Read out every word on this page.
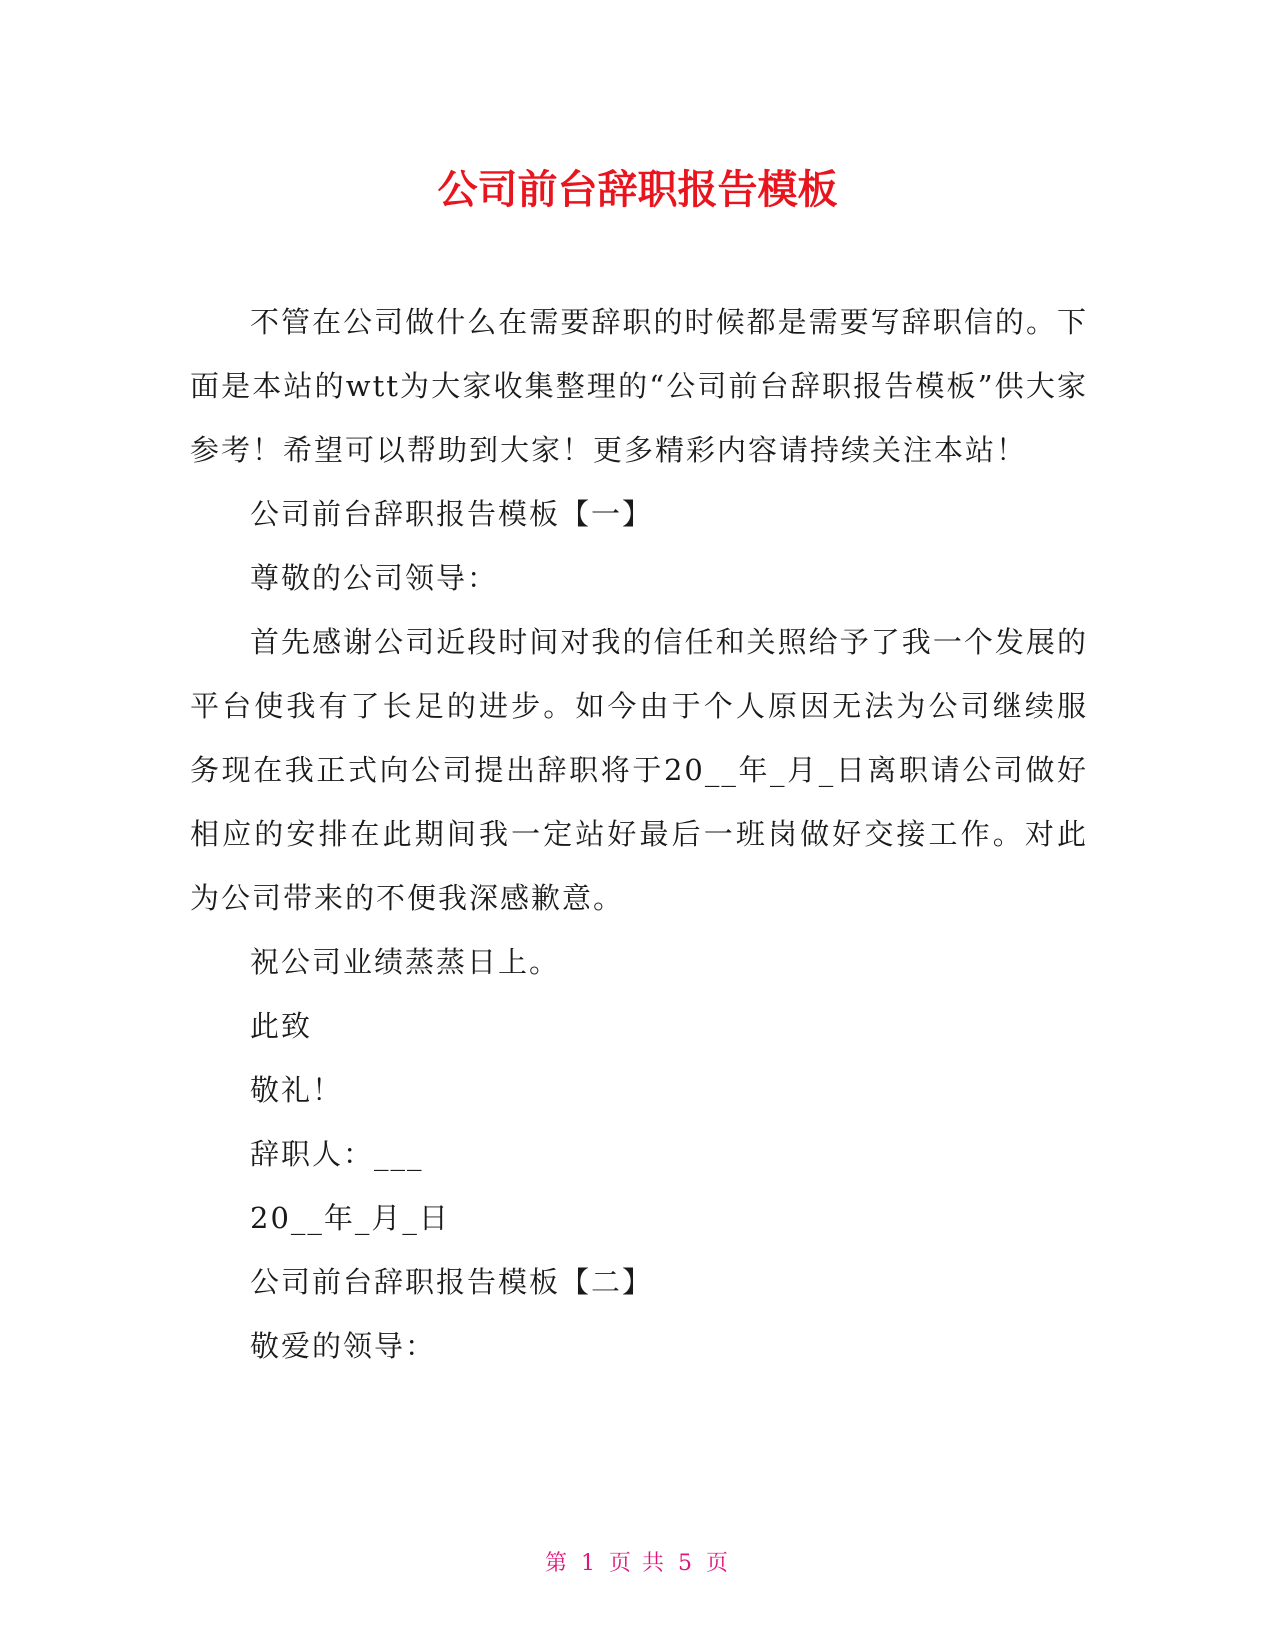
公司前台辞职报告模板

不管在公司做什么在需要辞职的时候都是需要写辞职信的。下面是本站的wtt为大家收集整理的“公司前台辞职报告模板”供大家参考！希望可以帮助到大家！更多精彩内容请持续关注本站！

公司前台辞职报告模板【一】

尊敬的公司领导：

首先感谢公司近段时间对我的信任和关照给予了我一个发展的平台使我有了长足的进步。如今由于个人原因无法为公司继续服务现在我正式向公司提出辞职将于20__年_月_日离职请公司做好相应的安排在此期间我一定站好最后一班岗做好交接工作。对此为公司带来的不便我深感歉意。

祝公司业绩蒸蒸日上。

此致

敬礼！

辞职人：___

20__年_月_日

公司前台辞职报告模板【二】

敬爱的领导：

第 1 页 共 5 页
